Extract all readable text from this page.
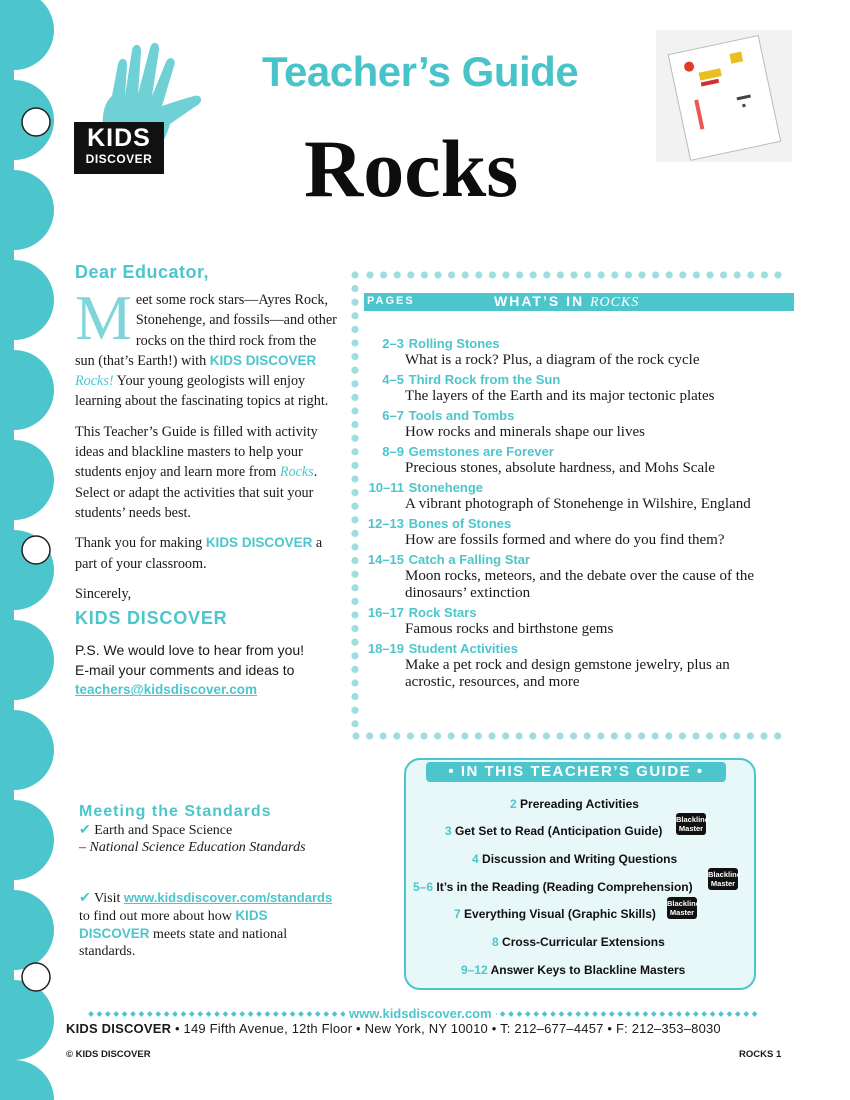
KIDS
DISCOVER
Teacher’s Guide
Rocks
Dear Educator,

Meet some rock stars—Ayres Rock, Stonehenge, and fossils—and other rocks on the third rock from the sun (that’s Earth!) with KIDS DISCOVER Rocks! Your young geologists will enjoy learning about the fascinating topics at right.

This Teacher’s Guide is filled with activity ideas and blackline masters to help your students enjoy and learn more from Rocks. Select or adapt the activities that suit your students’ needs best.

Thank you for making KIDS DISCOVER a part of your classroom.

Sincerely,

KIDS DISCOVER
P.S. We would love to hear from you!
E-mail your comments and ideas to
teachers@kidsdiscover.com
PAGES	WHAT’S IN ROCKS
2–3 Rolling Stones
What is a rock? Plus, a diagram of the rock cycle
4–5 Third Rock from the Sun
The layers of the Earth and its major tectonic plates
6–7 Tools and Tombs
How rocks and minerals shape our lives
8–9 Gemstones are Forever
Precious stones, absolute hardness, and Mohs Scale
10–11 Stonehenge
A vibrant photograph of Stonehenge in Wilshire, England
12–13 Bones of Stones
How are fossils formed and where do you find them?
14–15 Catch a Falling Star
Moon rocks, meteors, and the debate over the cause of the dinosaurs’ extinction
16–17 Rock Stars
Famous rocks and birthstone gems
18–19 Student Activities
Make a pet rock and design gemstone jewelry, plus an acrostic, resources, and more
Meeting the Standards
✔ Earth and Space Science
– National Science Education Standards
✔ Visit www.kidsdiscover.com/standards to find out more about how KIDS DISCOVER meets state and national standards.
• IN THIS TEACHER’S GUIDE •
2 Prereading Activities
3 Get Set to Read (Anticipation Guide)
Blackline
Master
4 Discussion and Writing Questions
5–6 It’s in the Reading (Reading Comprehension)
Blackline
Master
7 Everything Visual (Graphic Skills)
Blackline
Master
8 Cross-Curricular Extensions
9–12 Answer Keys to Blackline Masters
www.kidsdiscover.com
KIDS DISCOVER • 149 Fifth Avenue, 12th Floor • New York, NY 10010 • T: 212–677–4457 • F: 212–353–8030
© KIDS DISCOVER	ROCKS 1
